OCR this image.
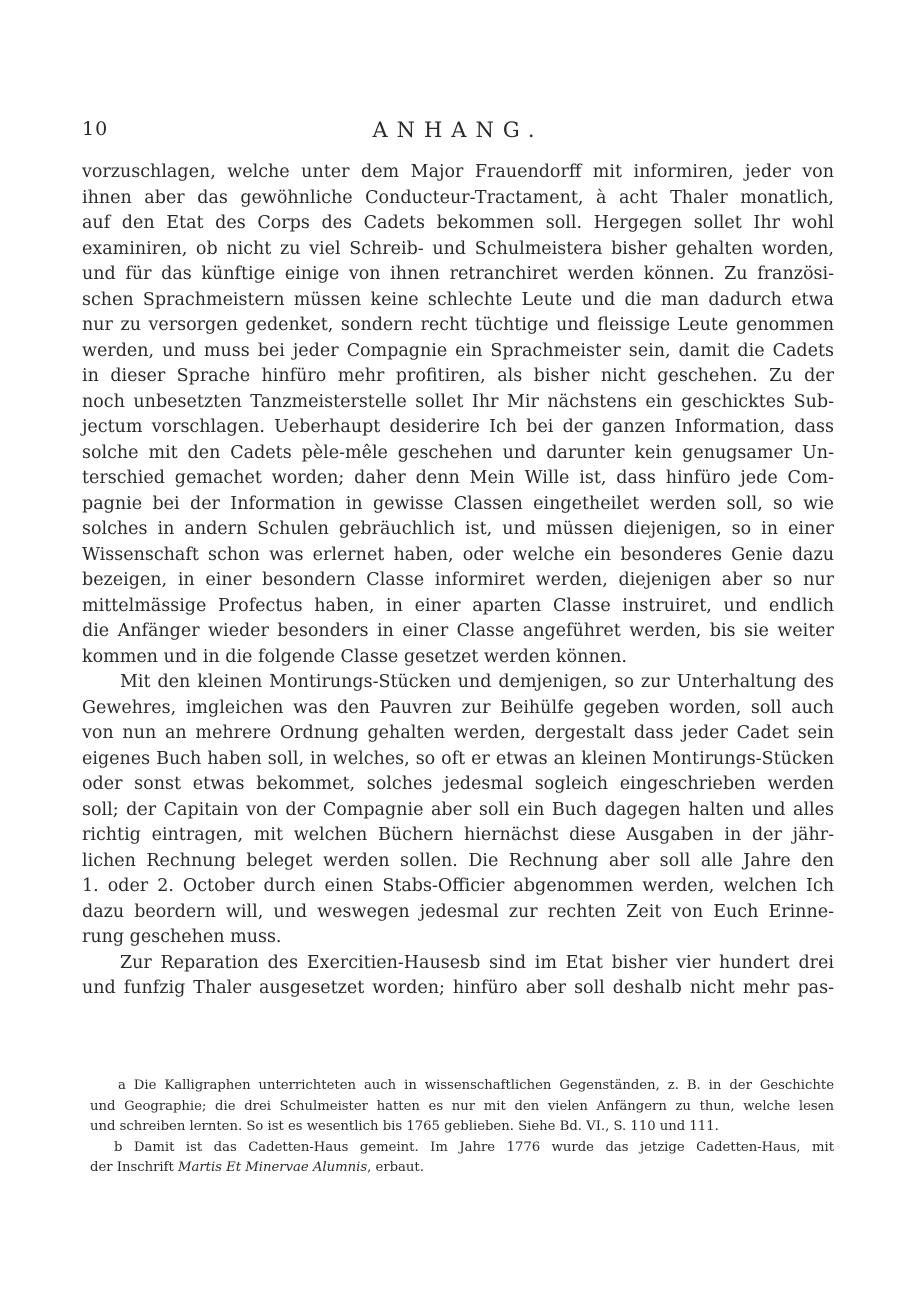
10	ANHANG.
vorzuschlagen, welche unter dem Major Frauendorff mit informiren, jeder von
ihnen aber das gewöhnliche Conducteur-Tractament, à acht Thaler monatlich,
auf den Etat des Corps des Cadets bekommen soll. Hergegen sollet Ihr wohl
examiniren, ob nicht zu viel Schreib- und Schulmeistera bisher gehalten worden,
und für das künftige einige von ihnen retranchiret werden können. Zu französi-
schen Sprachmeistern müssen keine schlechte Leute und die man dadurch etwa
nur zu versorgen gedenket, sondern recht tüchtige und fleissige Leute genommen
werden, und muss bei jeder Compagnie ein Sprachmeister sein, damit die Cadets
in dieser Sprache hinfüro mehr profitiren, als bisher nicht geschehen. Zu der
noch unbesetzten Tanzmeisterstelle sollet Ihr Mir nächstens ein geschicktes Sub-
jectum vorschlagen. Ueberhaupt desiderire Ich bei der ganzen Information, dass
solche mit den Cadets pèle-mêle geschehen und darunter kein genugsamer Un-
terschied gemachet worden; daher denn Mein Wille ist, dass hinfüro jede Com-
pagnie bei der Information in gewisse Classen eingetheilet werden soll, so wie
solches in andern Schulen gebräuchlich ist, und müssen diejenigen, so in einer
Wissenschaft schon was erlernet haben, oder welche ein besonderes Genie dazu
bezeigen, in einer besondern Classe informiret werden, diejenigen aber so nur
mittelmässige Profectus haben, in einer aparten Classe instruiret, und endlich
die Anfänger wieder besonders in einer Classe angeführet werden, bis sie weiter
kommen und in die folgende Classe gesetzet werden können.
Mit den kleinen Montirungs-Stücken und demjenigen, so zur Unterhaltung des
Gewehres, imgleichen was den Pauvren zur Beihülfe gegeben worden, soll auch
von nun an mehrere Ordnung gehalten werden, dergestalt dass jeder Cadet sein
eigenes Buch haben soll, in welches, so oft er etwas an kleinen Montirungs-Stücken
oder sonst etwas bekommet, solches jedesmal sogleich eingeschrieben werden
soll; der Capitain von der Compagnie aber soll ein Buch dagegen halten und alles
richtig eintragen, mit welchen Büchern hiernächst diese Ausgaben in der jähr-
lichen Rechnung beleget werden sollen. Die Rechnung aber soll alle Jahre den
1. oder 2. October durch einen Stabs-Officier abgenommen werden, welchen Ich
dazu beordern will, und weswegen jedesmal zur rechten Zeit von Euch Erinne-
rung geschehen muss.
Zur Reparation des Exercitien-Hausesb sind im Etat bisher vier hundert drei
und funfzig Thaler ausgesetzet worden; hinfüro aber soll deshalb nicht mehr pas-
a Die Kalligraphen unterrichteten auch in wissenschaftlichen Gegenständen, z. B. in der Geschichte
und Geographie; die drei Schulmeister hatten es nur mit den vielen Anfängern zu thun, welche lesen
und schreiben lernten. So ist es wesentlich bis 1765 geblieben. Siehe Bd. VI., S. 110 und 111.
b Damit ist das Cadetten-Haus gemeint. Im Jahre 1776 wurde das jetzige Cadetten-Haus, mit
der Inschrift Martis Et Minervae Alumnis, erbaut.
